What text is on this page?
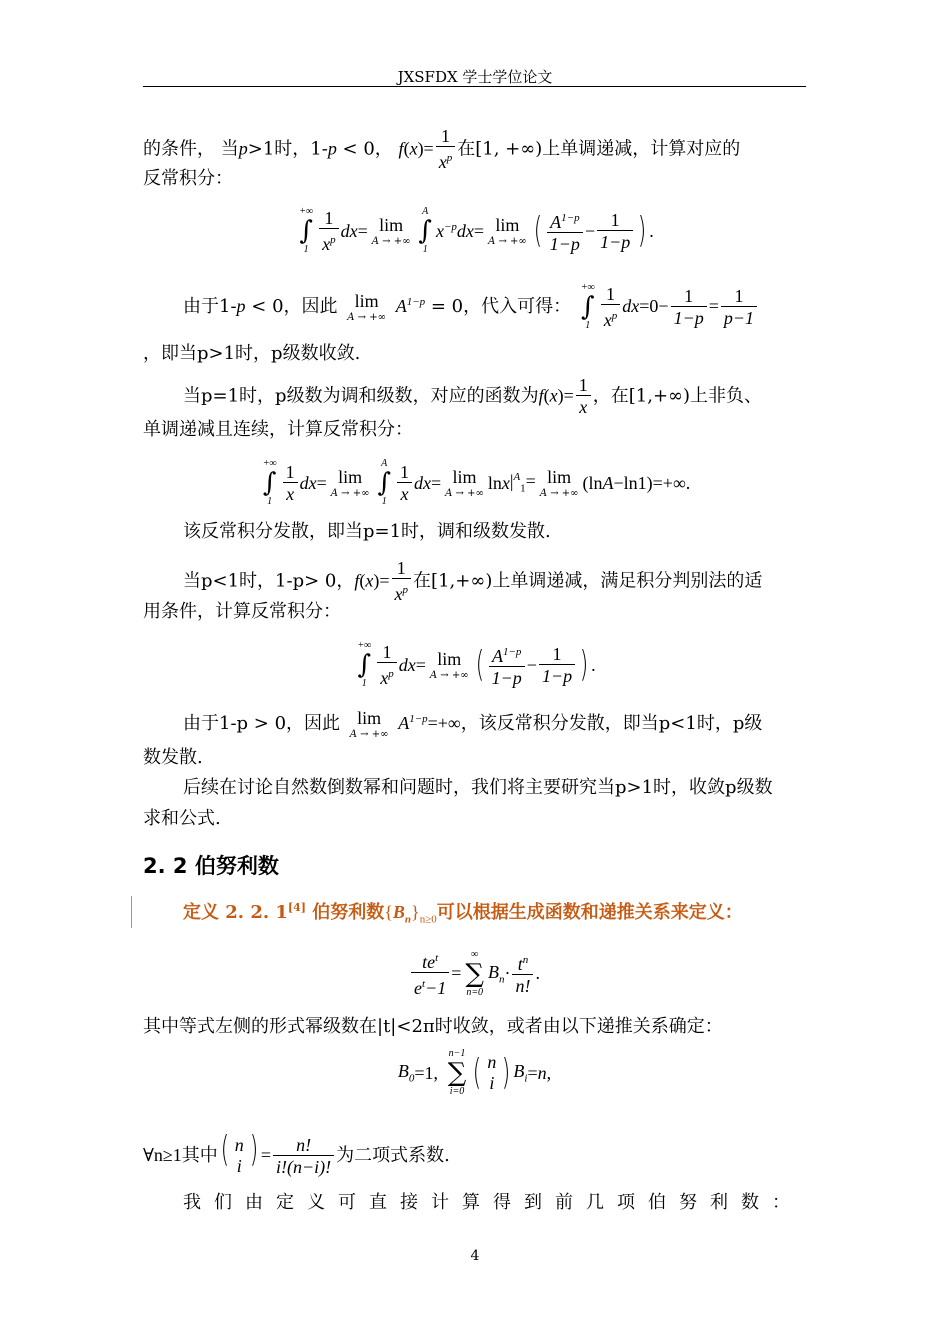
JXSFDX 学士学位论文
的条件， 当p>1时，1-p < 0， $f(x)= \frac{1}{x^p}$ 在[1, +∞)上单调递减，计算对应的
反常积分：
+∞
∫
$1 \frac{1}{x^p}$ dx = lim
A → +∞
A
∫
1
$x^{-p}dx = \lim$
A → +∞ ( $\frac{A^{1-p}}{1-p} - \frac{1}{1-p}$ ) .
由于1-p < 0，因此 lim
A → +∞
$A^{1-p} = 0$，代入可得：
+∞
∫
$1 \frac{1}{x^p} dx=0- \frac{1}{1-p} = \frac{1}{p-1}$
，即当p>1时，p级数收敛.
当p=1时，p级数为调和级数，对应的函数为$f(x)= \frac{1}{x}$ ，在[1,+∞)上非负、
单调递减且连续，计算反常积分：
+∞
∫
$1 \frac{1}{x}$ dx = lim
A → +∞
A
∫
$1 \frac{1}{x}$ dx = lim
A → +∞
ln x $|^A_1= \lim$
A → +∞
(ln A −ln1)=+∞.
该反常积分发散，即当p=1时，调和级数发散.
当p<1时，1-p> 0，$f(x)= \frac{1}{x^p}$ 在[1,+∞)上单调递减，满足积分判别法的适
用条件，计算反常积分：
+∞
∫
$1 \frac{1}{x^p}$ dx = lim
A → +∞ ( $\frac{A^{1-p}}{1-p} - \frac{1}{1-p}$ ) .
由于1-p > 0，因此 lim
A → +∞
$A^{1-p}=+\infty$，该反常积分发散，即当p<1时，p级
数发散.
后续在讨论自然数倒数幂和问题时，我们将主要研究当p>1时，收敛p级数
求和公式.
2. 2 伯努利数
定义 2. 2. 1[4] 伯努利数$\{B_n\}_{n\ge 0}$可以根据生成函数和递推关系来定义：
$\frac{te^t}{e^t-1}$ =
∞
∑
n=0
$B_n \cdot \frac{t^n}{n!}$ .
其中等式左侧的形式幂级数在|t|<2π时收敛，或者由以下递推关系确定：
$B_0 =1$,

n−1
∑
i=0 ( n
i ) $B_i = n$ ,
∀n≥1其中( n
i ) = $\frac{n!}{i!(n-i)!}$ 为二项式系数.
我们由定义可直接计算得到前几项伯努利数：
4
